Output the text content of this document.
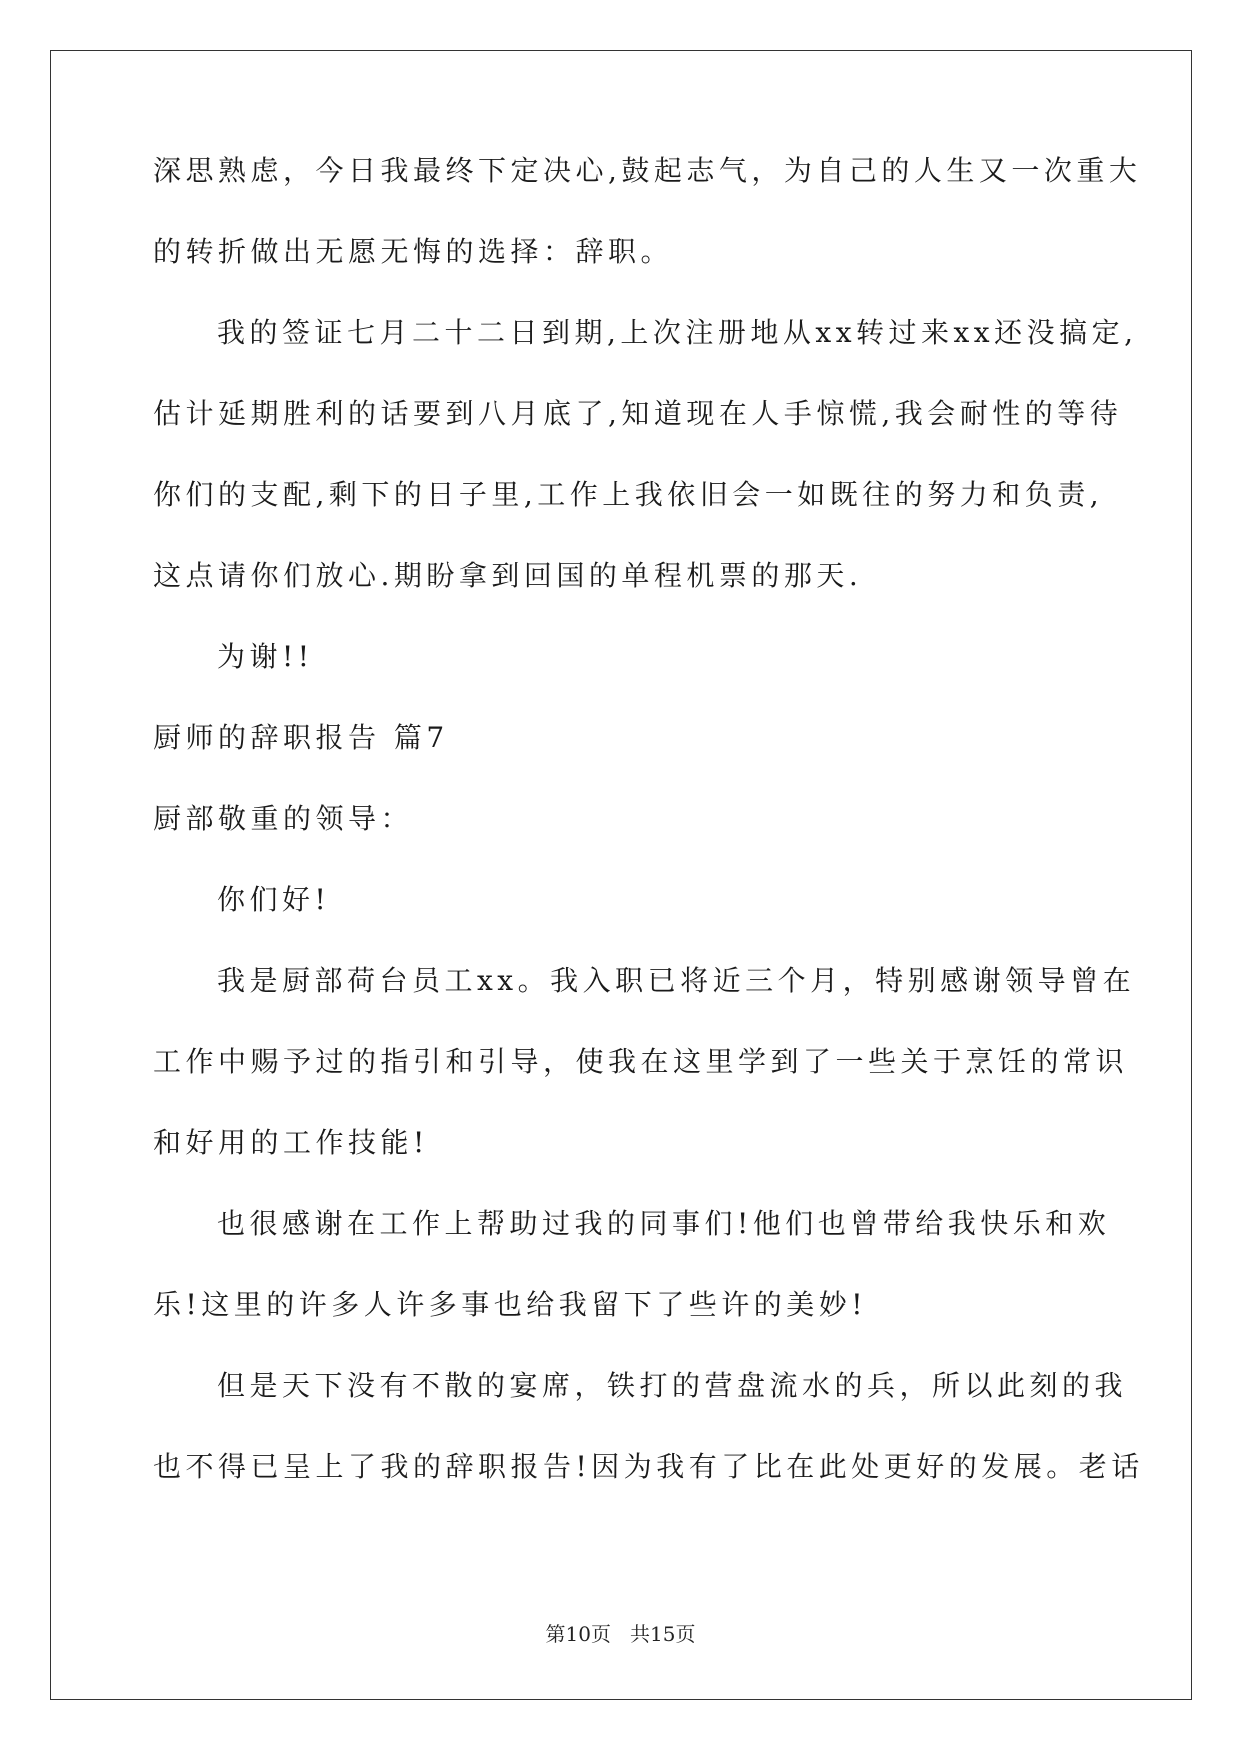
深思熟虑，今日我最终下定决心,鼓起志气，为自己的人生又一次重大
的转折做出无愿无悔的选择：辞职。
我的签证七月二十二日到期,上次注册地从xx转过来xx还没搞定,
估计延期胜利的话要到八月底了,知道现在人手惊慌,我会耐性的等待
你们的支配,剩下的日子里,工作上我依旧会一如既往的努力和负责,
这点请你们放心.期盼拿到回国的单程机票的那天.
为谢!!
厨师的辞职报告 篇7
厨部敬重的领导：
你们好!
我是厨部荷台员工xx。我入职已将近三个月，特别感谢领导曾在
工作中赐予过的指引和引导，使我在这里学到了一些关于烹饪的常识
和好用的工作技能!
也很感谢在工作上帮助过我的同事们!他们也曾带给我快乐和欢
乐!这里的许多人许多事也给我留下了些许的美妙!
但是天下没有不散的宴席，铁打的营盘流水的兵，所以此刻的我
也不得已呈上了我的辞职报告!因为我有了比在此处更好的发展。老话
第10页 共15页
